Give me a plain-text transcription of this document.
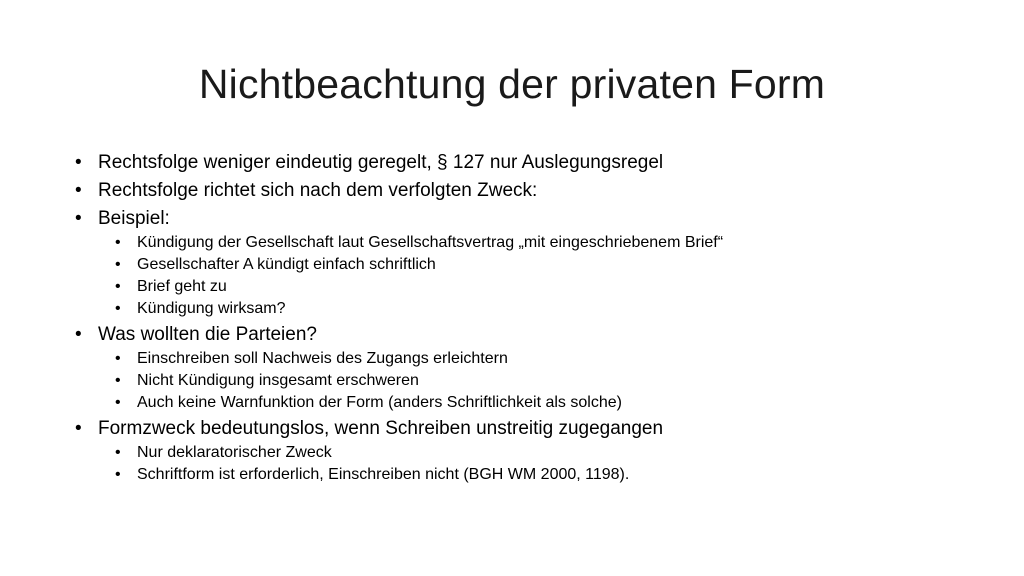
Nichtbeachtung der privaten Form
• Rechtsfolge weniger eindeutig geregelt, § 127 nur Auslegungsregel
• Rechtsfolge richtet sich nach dem verfolgten Zweck:
• Beispiel:
• Kündigung der Gesellschaft laut Gesellschaftsvertrag „mit eingeschriebenem Brief“
• Gesellschafter A kündigt einfach schriftlich
• Brief geht zu
• Kündigung wirksam?
• Was wollten die Parteien?
• Einschreiben soll Nachweis des Zugangs erleichtern
• Nicht Kündigung insgesamt erschweren
• Auch keine Warnfunktion der Form (anders Schriftlichkeit als solche)
• Formzweck bedeutungslos, wenn Schreiben unstreitig zugegangen
• Nur deklaratorischer Zweck
• Schriftform ist erforderlich, Einschreiben nicht (BGH WM 2000, 1198).
